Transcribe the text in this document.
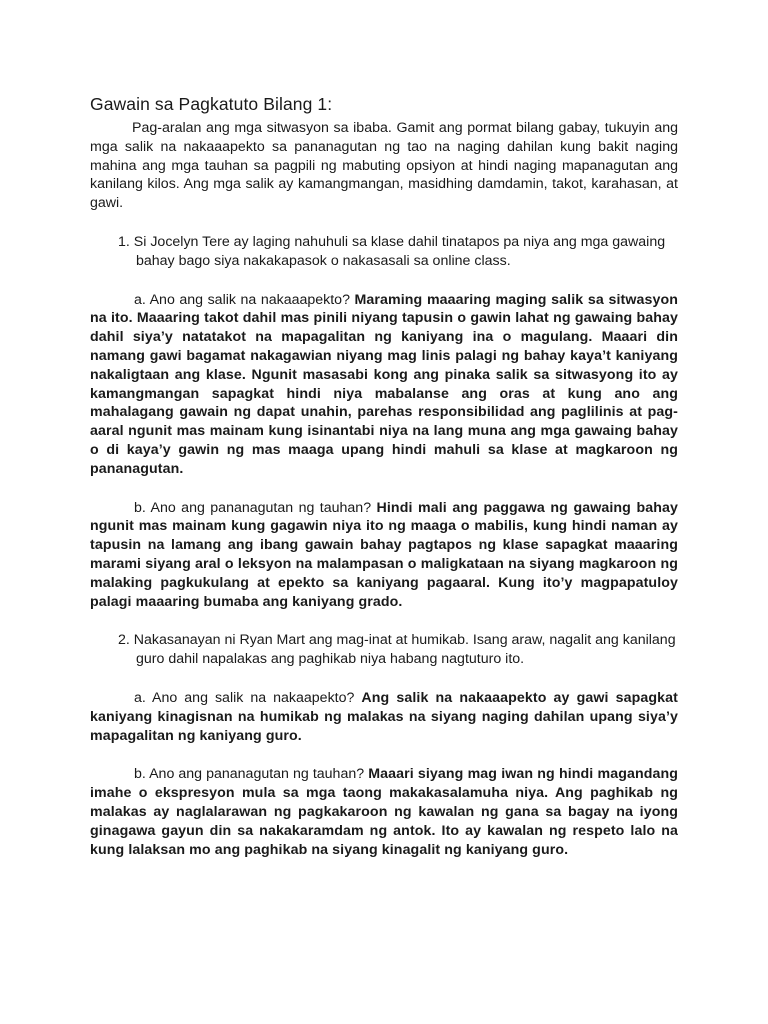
Gawain sa Pagkatuto Bilang 1:

Pag-aralan ang mga sitwasyon sa ibaba. Gamit ang pormat bilang gabay, tukuyin ang mga salik na nakaaapekto sa pananagutan ng tao na naging dahilan kung bakit naging mahina ang mga tauhan sa pagpili ng mabuting opsiyon at hindi naging mapanagutan ang kanilang kilos. Ang mga salik ay kamangmangan, masidhing damdamin, takot, karahasan, at gawi.

1. Si Jocelyn Tere ay laging nahuhuli sa klase dahil tinatapos pa niya ang mga gawaing
bahay bago siya nakakapasok o nakasasali sa online class.

a. Ano ang salik na nakaaapekto? Maraming maaaring maging salik sa sitwasyon na ito. Maaaring takot dahil mas pinili niyang tapusin o gawin lahat ng gawaing bahay dahil siya’y natatakot na mapagalitan ng kaniyang ina o magulang. Maaari din namang gawi bagamat nakagawian niyang mag linis palagi ng bahay kaya’t kaniyang nakaligtaan ang klase. Ngunit masasabi kong ang pinaka salik sa sitwasyong ito ay kamangmangan sapagkat hindi niya mabalanse ang oras at kung ano ang mahalagang gawain ng dapat unahin, parehas responsibilidad ang paglilinis at pag-aaral ngunit mas mainam kung isinantabi niya na lang muna ang mga gawaing bahay o di kaya’y gawin ng mas maaga upang hindi mahuli sa klase at magkaroon ng pananagutan.

b. Ano ang pananagutan ng tauhan? Hindi mali ang paggawa ng gawaing bahay ngunit mas mainam kung gagawin niya ito ng maaga o mabilis, kung hindi naman ay tapusin na lamang ang ibang gawain bahay pagtapos ng klase sapagkat maaaring marami siyang aral o leksyon na malampasan o maligkataan na siyang magkaroon ng malaking pagkukulang at epekto sa kaniyang pagaaral. Kung ito’y magpapatuloy palagi maaaring bumaba ang kaniyang grado.

2. Nakasanayan ni Ryan Mart ang mag-inat at humikab. Isang araw, nagalit ang kanilang
guro dahil napalakas ang paghikab niya habang nagtuturo ito.

a. Ano ang salik na nakaapekto? Ang salik na nakaaapekto ay gawi sapagkat kaniyang kinagisnan na humikab ng malakas na siyang naging dahilan upang siya’y mapagalitan ng kaniyang guro.

b. Ano ang pananagutan ng tauhan? Maaari siyang mag iwan ng hindi magandang imahe o ekspresyon mula sa mga taong makakasalamuha niya. Ang paghikab ng malakas ay naglalarawan ng pagkakaroon ng kawalan ng gana sa bagay na iyong ginagawa gayun din sa nakakaramdam ng antok. Ito ay kawalan ng respeto lalo na kung lalaksan mo ang paghikab na siyang kinagalit ng kaniyang guro.
